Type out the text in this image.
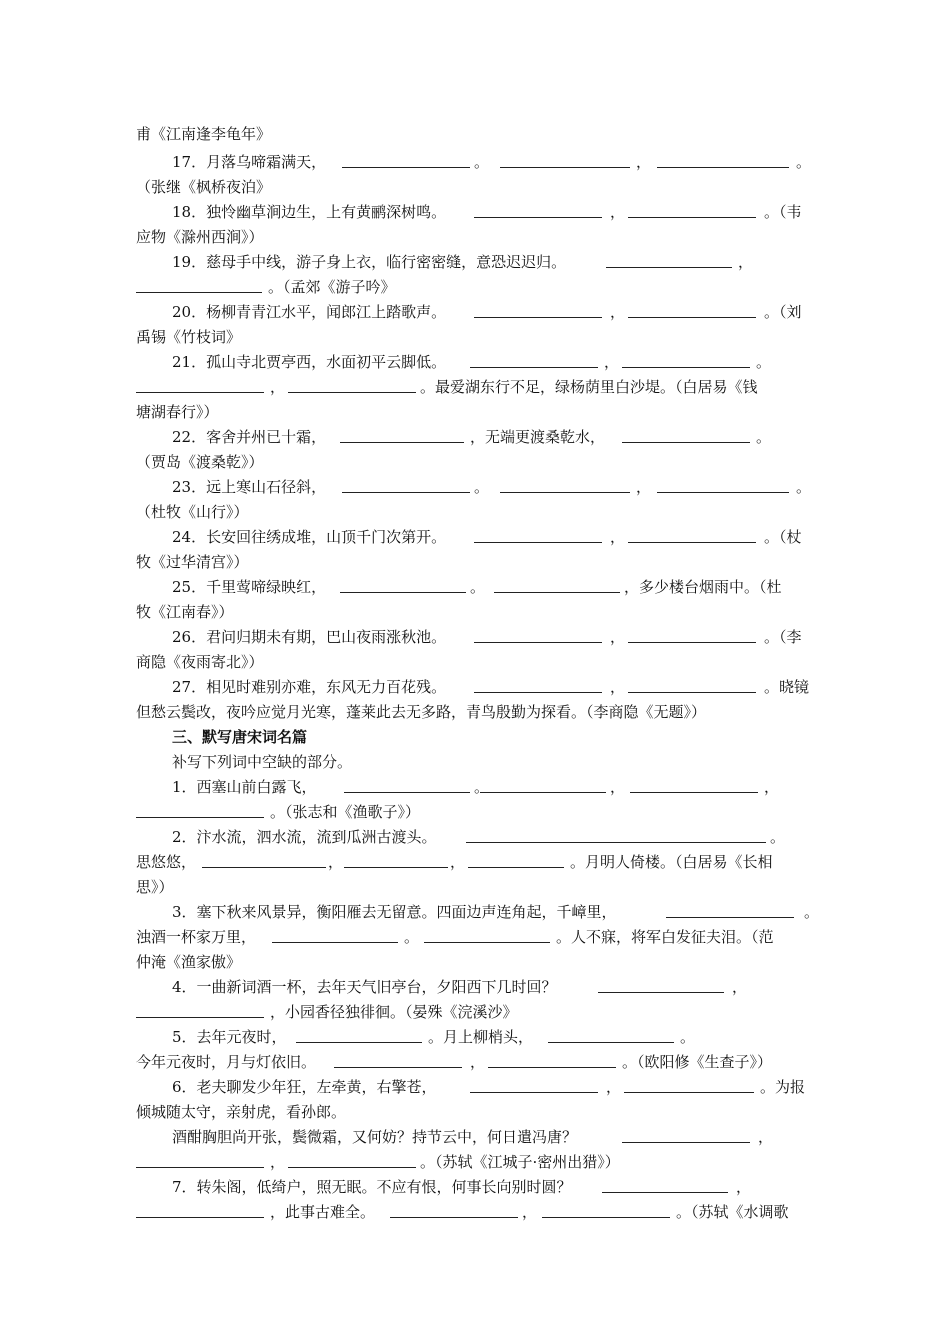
甫《江南逢李龟年》
17．月落乌啼霜满天，	。	，	。
（张继《枫桥夜泊》
18．独怜幽草涧边生，上有黄鹂深树鸣。	，	。（韦
应物《滁州西涧》）
19．慈母手中线，游子身上衣，临行密密缝，意恐迟迟归。	，
。（孟郊《游子吟》
20．杨柳青青江水平，闻郎江上踏歌声。	，	。（刘
禹锡《竹枝词》
21．孤山寺北贾亭西，水面初平云脚低。	，	。
，	。最爱湖东行不足，绿杨荫里白沙堤。（白居易《钱
塘湖春行》）
22．客舍并州已十霜，	，无端更渡桑乾水，	。
（贾岛《渡桑乾》）
23．远上寒山石径斜，	。	，	。
（杜牧《山行》）
24．长安回往绣成堆，山顶千门次第开。	，	。（杖
牧《过华清宫》）
25．千里莺啼绿映红，	。	，多少楼台烟雨中。（杜
牧《江南春》）
26．君问归期未有期，巴山夜雨涨秋池。	，	。（李
商隐《夜雨寄北》）
27．相见时难别亦难，东风无力百花残。	，	。晓镜
但愁云鬓改，夜吟应觉月光寒，蓬莱此去无多路，青鸟殷勤为探看。（李商隐《无题》）
三、默写唐宋词名篇
补写下列词中空缺的部分。
1．西塞山前白露飞，	。	，	，
。（张志和《渔歌子》）
2．汴水流，泗水流，流到瓜洲古渡头。	。
思悠悠，	，	，	。月明人倚楼。（白居易《长相
思》）
3．塞下秋来风景异，衡阳雁去无留意。四面边声连角起，千嶂里，	。
浊酒一杯家万里，	。	。人不寐，将军白发征夫泪。（范
仲淹《渔家傲》
4．一曲新词酒一杯，去年天气旧亭台，夕阳西下几时回？	，
，小园香径独徘徊。（晏殊《浣溪沙》
5．去年元夜时，	。月上柳梢头，	。
今年元夜时，月与灯依旧。	，	。（欧阳修《生查子》）
6．老夫聊发少年狂，左牵黄，右擎苍，	，	。为报
倾城随太守，亲射虎，看孙郎。
酒酣胸胆尚开张，鬓微霜，又何妨？持节云中，何日遣冯唐？	，
，	。（苏轼《江城子·密州出猎》）
7．转朱阁，低绮户，照无眠。不应有恨，何事长向别时圆？	，
，此事古难全。	，	。（苏轼《水调歌
